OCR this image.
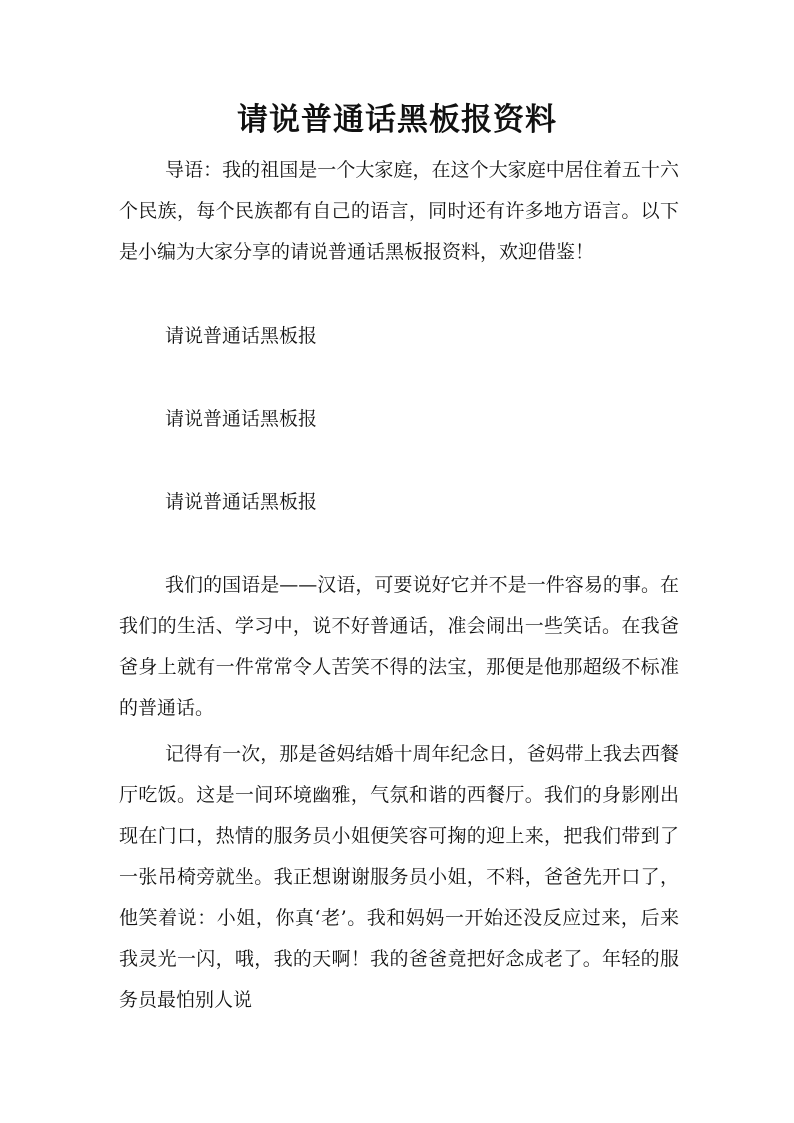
请说普通话黑板报资料

导语：我的祖国是一个大家庭，在这个大家庭中居住着五十六个民族，每个民族都有自己的语言，同时还有许多地方语言。以下是小编为大家分享的请说普通话黑板报资料，欢迎借鉴！

请说普通话黑板报

请说普通话黑板报

请说普通话黑板报

我们的国语是——汉语，可要说好它并不是一件容易的事。在我们的生活、学习中，说不好普通话，准会闹出一些笑话。在我爸爸身上就有一件常常令人苦笑不得的法宝，那便是他那超级不标准的普通话。

记得有一次，那是爸妈结婚十周年纪念日，爸妈带上我去西餐厅吃饭。这是一间环境幽雅，气氛和谐的西餐厅。我们的身影刚出现在门口，热情的服务员小姐便笑容可掬的迎上来，把我们带到了一张吊椅旁就坐。我正想谢谢服务员小姐，不料，爸爸先开口了，他笑着说：小姐，你真‘老’。我和妈妈一开始还没反应过来，后来我灵光一闪，哦，我的天啊！我的爸爸竟把好念成老了。年轻的服务员最怕别人说
